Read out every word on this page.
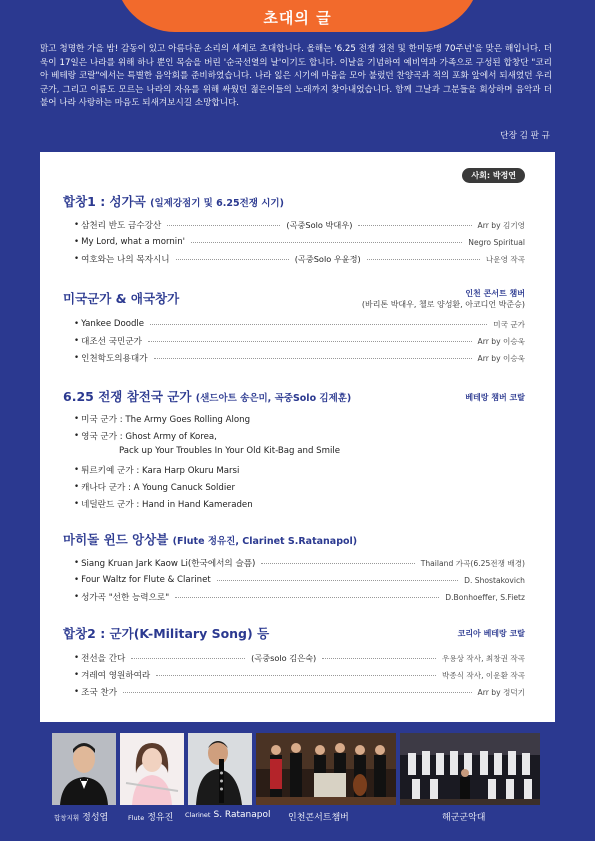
초대의 글

맑고 청명한 가을 밤! 감동이 있고 아름다운 소리의 세계로 초대합니다. 올해는 '6.25 전쟁 정전 및 한미동맹 70주년'을 맞은 해입니다. 더욱이 17일은 나라를 위해 하나 뿐인 목숨을 버린 '순국선열의 날'이기도 합니다. 이날을 기념하여 예비역과 가족으로 구성된 합창단 "코리아 베테랑 코랄"에서는 특별한 음악회를 준비하였습니다. 나라 잃은 시기에 마음을 모아 불렀던 찬양곡과 적의 포화 앞에서 되새였던 우리 군가, 그리고 이름도 모르는 나라의 자유를 위해 싸웠던 젊은이들의 노래까지 찾아내었습니다. 함께 그날과 그분들을 회상하며 음악과 더불어 나라 사랑하는 마음도 되새겨보시길 소망합니다.

단장 김 판 규
사회: 박정연
합창1 : 성가곡 (일제강점기 및 6.25전쟁 시기)
• 삼천리 반도 금수강산	(곡중Solo 박대우)	Arr by 김기영
• My Lord, what a mornin'	Negro Spiritual
• 여호와는 나의 목자시니	(곡중Solo 우윤정)	나운영 작곡
미국군가 & 애국창가	인천 콘서트 챔버
(바리톤 박대우, 첼로 양성환, 아코디언 박준승)
• Yankee Doodle	미국 군가
• 대조선 국민군가	Arr by 이승욱
• 인천학도의용대가	Arr by 이승욱
6.25 전쟁 참전국 군가 (샌드아트 송은미, 곡중Solo 김제훈)	베테랑 챔버 코랄
• 미국 군가 : The Army Goes Rolling Along
• 영국 군가 : Ghost Army of Korea,
Pack up Your Troubles In Your Old Kit-Bag and Smile
• 튀르키예 군가 : Kara Harp Okuru Marsi
• 캐나다 군가 : A Young Canuck Soldier
• 네덜란드 군가 : Hand in Hand Kameraden
마히돌 윈드 앙상블 (Flute 정유진, Clarinet S.Ratanapol)
• Siang Kruan Jark Kaow Li(한국에서의 슬픔)	Thailand 가곡(6.25전쟁 배경)
• Four Waltz for Flute & Clarinet	D. Shostakovich
• 성가곡 "선한 능력으로"	D.Bonhoeffer, S.Fietz
합창2 : 군가(K-Military Song) 등	코리아 베테랑 코랄
• 전선을 간다	(곡중solo 김은숙)	우용상 작사, 최창권 작곡
• 겨레여 영원하여라	박종식 작사, 이운환 작곡
• 조국 찬가	Arr by 정덕기
합창지휘 정성엽	Flute 정유진 Clarinet S. Ratanapol 인천콘서트챔버	해군군악대
